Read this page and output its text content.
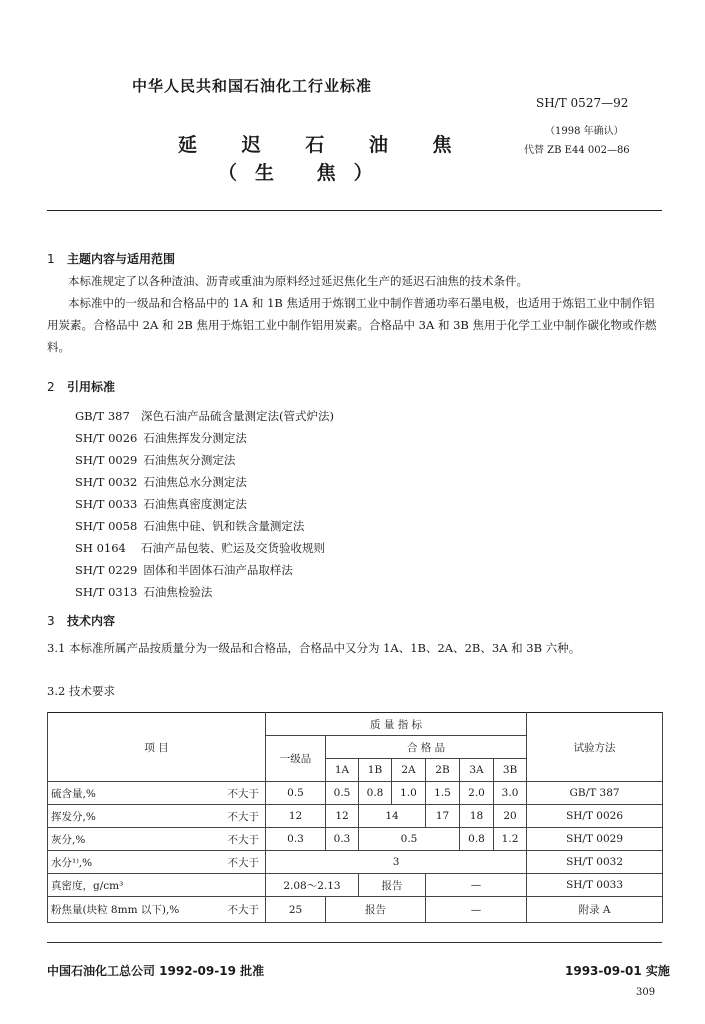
中华人民共和国石油化工行业标准
SH/T 0527—92
延 迟 石 油 焦
（生 焦）
（1998 年确认）
代替 ZB E44 002—86
1 主题内容与适用范围
本标准规定了以各种渣油、沥青或重油为原料经过延迟焦化生产的延迟石油焦的技术条件。
本标准中的一级品和合格品中的 1A 和 1B 焦适用于炼钢工业中制作普通功率石墨电极，也适用于炼铝工业中制作铝用炭素。合格品中 2A 和 2B 焦用于炼铝工业中制作铝用炭素。合格品中 3A 和 3B 焦用于化学工业中制作碳化物或作燃料。
2 引用标准
GB/T 387 深色石油产品硫含量测定法(管式炉法)
SH/T 0026 石油焦挥发分测定法
SH/T 0029 石油焦灰分测定法
SH/T 0032 石油焦总水分测定法
SH/T 0033 石油焦真密度测定法
SH/T 0058 石油焦中硅、钒和铁含量测定法
SH 0164 石油产品包装、贮运及交货验收规则
SH/T 0229 固体和半固体石油产品取样法
SH/T 0313 石油焦检验法
3 技术内容
3.1 本标准所属产品按质量分为一级品和合格品，合格品中又分为 1A、1B、2A、2B、3A 和 3B 六种。
3.2 技术要求
项 目		质 量 指 标							试验方法
		一级品	合 格 品						
			1A	1B	2A	2B	3A	3B	
硫含量,%	不大于	0.5	0.5	0.8	1.0	1.5	2.0	3.0	GB/T 387
挥发分,%	不大于	12	12	14		17	18	20	SH/T 0026
灰分,%	不大于	0.3	0.3	0.5			0.8	1.2	SH/T 0029
水分¹⁾,%	不大于	3							SH/T 0032
真密度，g/cm³		2.08～2.13		报告		—			SH/T 0033
粉焦量(块粒 8mm 以下),%	不大于	25	报告			—			附录 A
中国石油化工总公司 1992-09-19 批准	1993-09-01 实施
309
